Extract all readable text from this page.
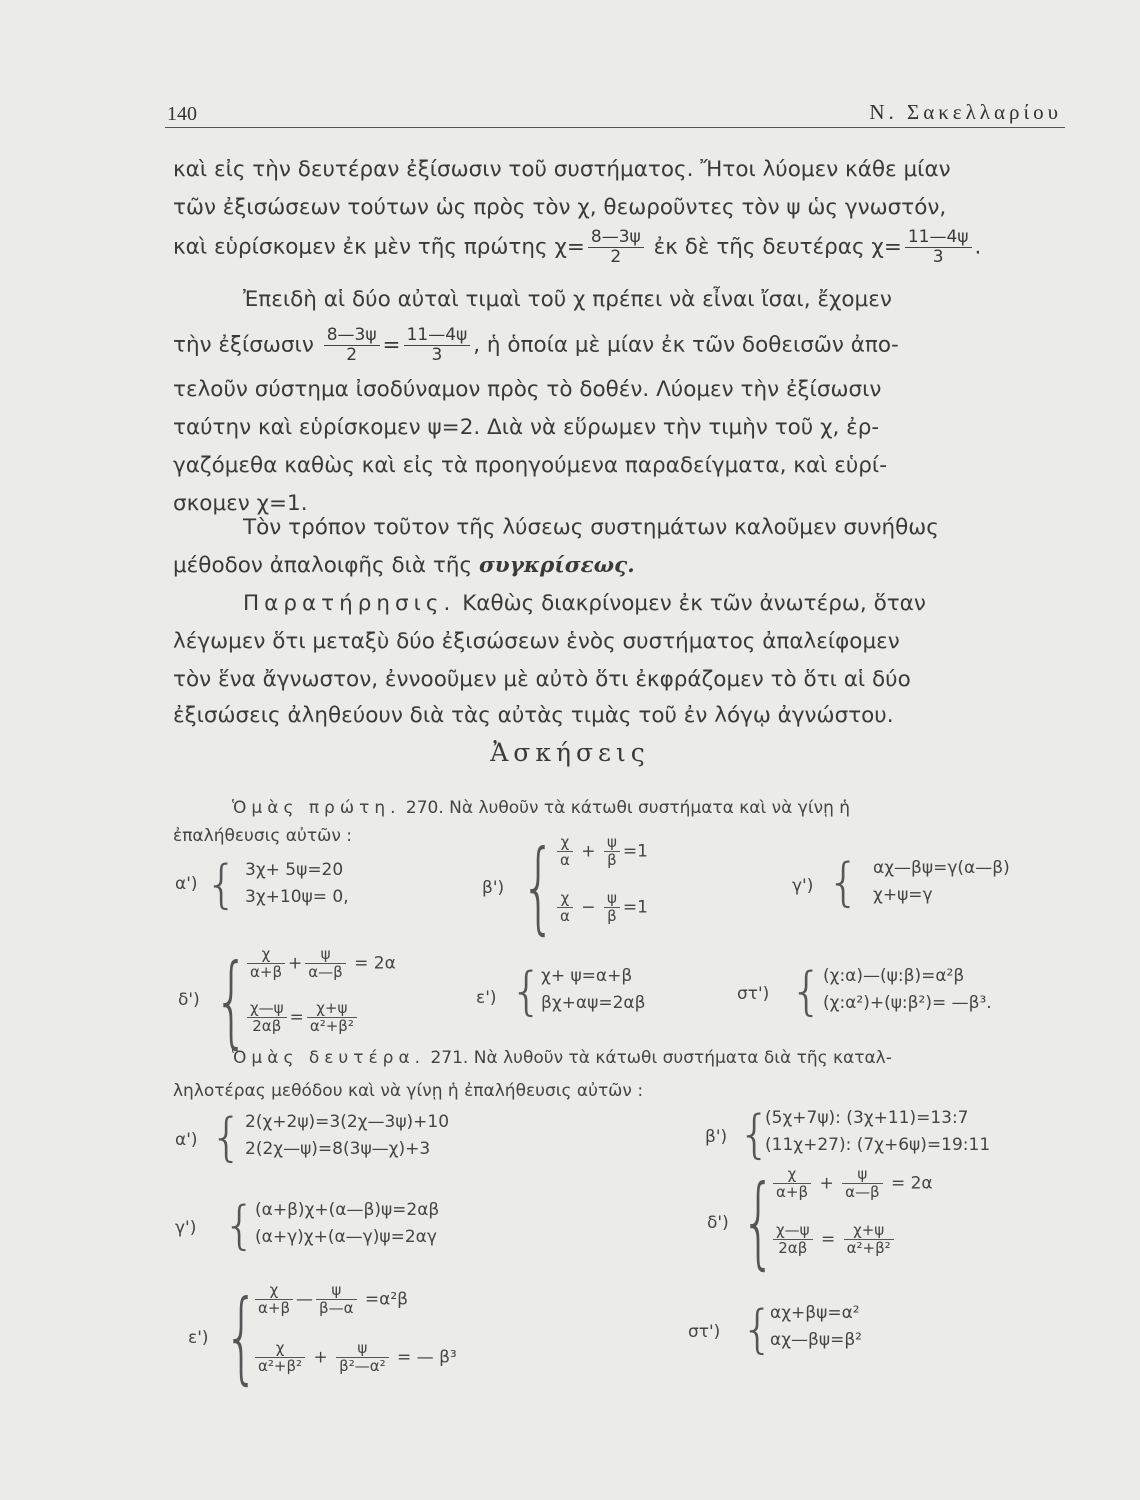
140	Ν. Σακελλαρίου
καὶ εἰς τὴν δευτέραν ἐξίσωσιν τοῦ συστήματος. Ἤτοι λύομεν κάθε μίαν
τῶν ἐξισώσεων τούτων ὡς πρὸς τὸν χ, θεωροῦντες τὸν ψ ὡς γνωστόν,
καὶ εὑρίσκομεν ἐκ μὲν τῆς πρώτης $\chi= \frac{8—3\psi}{2}$ ἐκ δὲ τῆς δευτέρας $\chi= \frac{11—4\psi}{3}$ .
Ἐπειδὴ αἱ δύο αὐταὶ τιμαὶ τοῦ χ πρέπει νὰ εἶναι ἴσαι, ἔχομεν
τὴν ἐξίσωσιν $\frac{8—3\psi}{2} = \frac{11—4\psi}{3}$ , ἡ ὁποία μὲ μίαν ἐκ τῶν δοθεισῶν ἀπο-
τελοῦν σύστημα ἰσοδύναμον πρὸς τὸ δοθέν. Λύομεν τὴν ἐξίσωσιν
ταύτην καὶ εὑρίσκομεν ψ=2. Διὰ νὰ εὕρωμεν τὴν τιμὴν τοῦ χ, ἐρ-
γαζόμεθα καθὼς καὶ εἰς τὰ προηγούμενα παραδείγματα, καὶ εὑρί-
σκομεν χ=1.
Τὸν τρόπον τοῦτον τῆς λύσεως συστημάτων καλοῦμεν συνήθως
μέθοδον ἀπαλοιφῆς διὰ τῆς συγκρίσεως.
Παρατήρησις. Καθὼς διακρίνομεν ἐκ τῶν ἀνωτέρω, ὅταν
λέγωμεν ὅτι μεταξὺ δύο ἐξισώσεων ἑνὸς συστήματος ἀπαλείφομεν
τὸν ἕνα ἄγνωστον, ἐννοοῦμεν μὲ αὐτὸ ὅτι ἐκφράζομεν τὸ ὅτι αἱ δύο
ἐξισώσεις ἀληθεύουν διὰ τὰς αὐτὰς τιμὰς τοῦ ἐν λόγῳ ἀγνώστου.
Ἀσκήσεις
Ὁμὰς πρώτη. 270. Νὰ λυθοῦν τὰ κάτωθι συστήματα καὶ νὰ γίνῃ ἡ
ἐπαλήθευσις αὐτῶν :
α') { 3χ+ 5ψ=20
3χ+10ψ= 0,	β') { $\frac{\chi}{\alpha} + \frac{\psi}{\beta} =1$
$\frac{\chi}{\alpha} - \frac{\psi}{\beta} =1$
γ') { αχ—βψ=γ(α—β)
χ+ψ=γ
δ') {
$\frac{\chi}{\alpha+\beta} + \frac{\psi}{\alpha—\beta} = 2\alpha$
$\frac{\chi—\psi}{2\alpha\beta} = \frac{\chi+\psi}{\text{α²+β²}}$
ε') {
χ+ ψ=α+β
βχ+αψ=2αβ	στ') { (χ:α)—(ψ:β)=α²β
(χ:α²)+(ψ:β²)= —β³.
Ὁμὰς δευτέρα. 271. Νὰ λυθοῦν τὰ κάτωθι συστήματα διὰ τῆς καταλ-
ληλοτέρας μεθόδου καὶ νὰ γίνῃ ἡ ἐπαλήθευσις αὐτῶν :
α') { 2(χ+2ψ)=3(2χ—3ψ)+10
2(2χ—ψ)=8(3ψ—χ)+3
β') {
(5χ+7ψ): (3χ+11)=13:7
(11χ+27): (7χ+6ψ)=19:11
γ') {
(α+β)χ+(α—β)ψ=2αβ
(α+γ)χ+(α—γ)ψ=2αγ
δ') {
$\frac{\chi}{\alpha+\beta} + \frac{\psi}{\alpha—\beta} = 2\alpha$
$\frac{\chi—\psi}{2\alpha\beta} = \frac{\chi+\psi}{\text{α²+β²}}$
ε') {
$\frac{\chi}{\alpha+\beta}$ — $\frac{\psi}{\beta—\alpha} =\alpha^2\beta$
$\frac{\chi}{\text{α²+β²}} + \frac{\psi}{\text{β²—α²}}$ = — β³
στ') {
αχ+βψ=α²
αχ—βψ=β²
